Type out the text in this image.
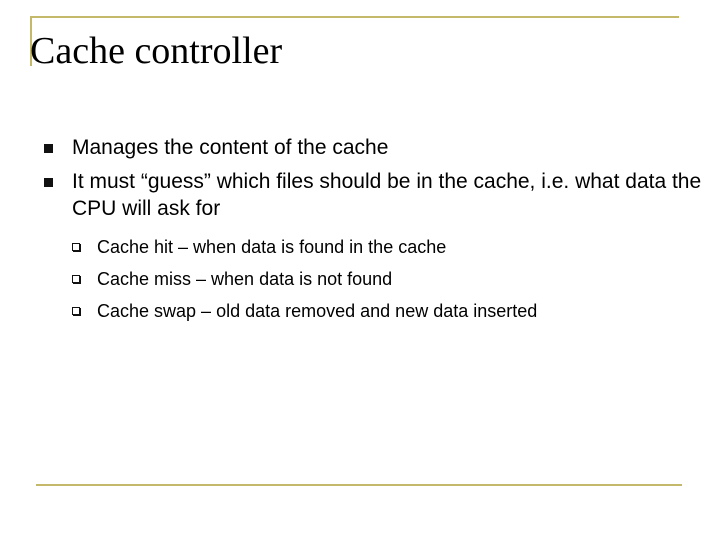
Cache controller
Manages the content of the cache
It must “guess” which files should be in the cache, i.e. what data the CPU will ask for
Cache hit – when data is found in the cache
Cache miss – when data is not found
Cache swap – old data removed and new data inserted
